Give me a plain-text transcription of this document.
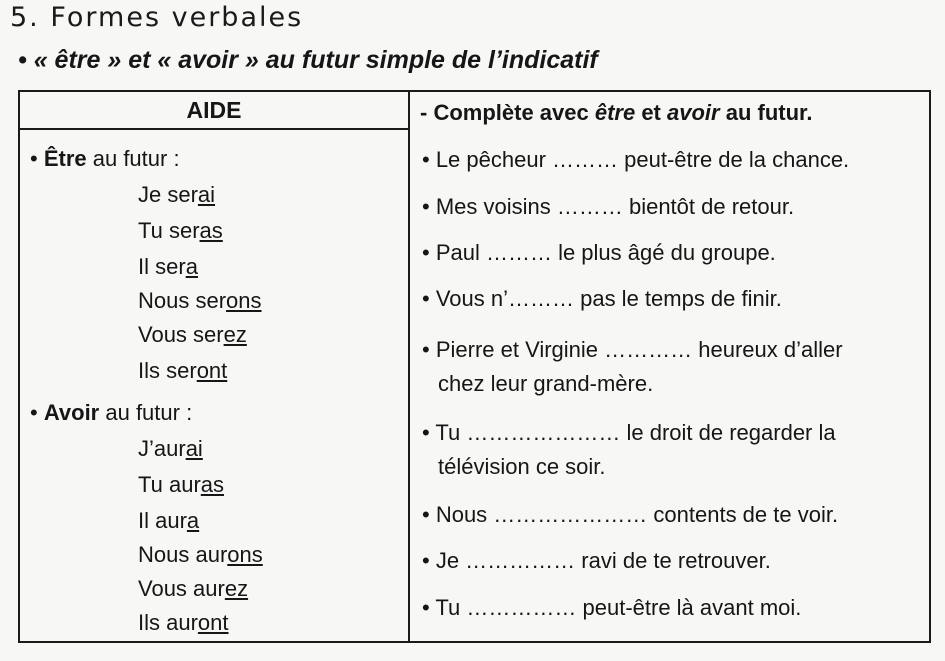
5. Formes verbales
• « être » et « avoir » au futur simple de l’indicatif
AIDE
• Être au futur :
Je serai
Tu seras
Il sera
Nous serons
Vous serez
Ils seront
• Avoir au futur :
J’aurai
Tu auras
Il aura
Nous aurons
Vous aurez
Ils auront
- Complète avec être et avoir au futur.
• Le pêcheur ……… peut-être de la chance.
• Mes voisins ……… bientôt de retour.
• Paul ……… le plus âgé du groupe.
• Vous n’……… pas le temps de finir.
• Pierre et Virginie ………… heureux d’aller
chez leur grand-mère.
• Tu ………………… le droit de regarder la
télévision ce soir.
• Nous ………………… contents de te voir.
• Je …………… ravi de te retrouver.
• Tu …………… peut-être là avant moi.
